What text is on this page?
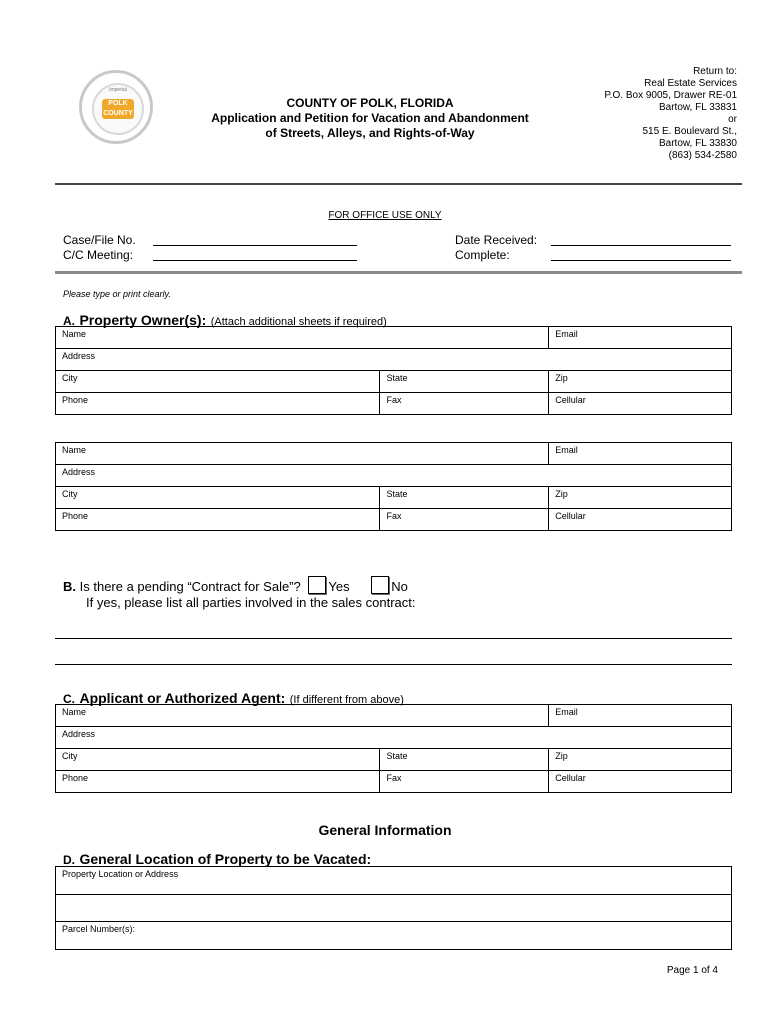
Imperial
POLK
COUNTY
COUNTY OF POLK, FLORIDA
Application and Petition for Vacation and Abandonment
of Streets, Alleys, and Rights-of-Way
Return to:
Real Estate Services
P.O. Box 9005, Drawer RE-01
Bartow, FL 33831
or
515 E. Boulevard St.,
Bartow, FL 33830
(863) 534-2580
FOR OFFICE USE ONLY
Case/File No.
C/C Meeting:
Date Received:
Complete:
Please type or print clearly.
A. Property Owner(s): (Attach additional sheets if required)
Name		Email
Address		
City	State	Zip
Phone	Fax	Cellular
Name		Email
Address		
City	State	Zip
Phone	Fax	Cellular
B. Is there a pending “Contract for Sale”? Yes	No
If yes, please list all parties involved in the sales contract:
C. Applicant or Authorized Agent: (If different from above)
Name		Email
Address		
City	State	Zip
Phone	Fax	Cellular
General Information
D. General Location of Property to be Vacated:
Property Location or Address

Parcel Number(s):
Page 1 of 4
